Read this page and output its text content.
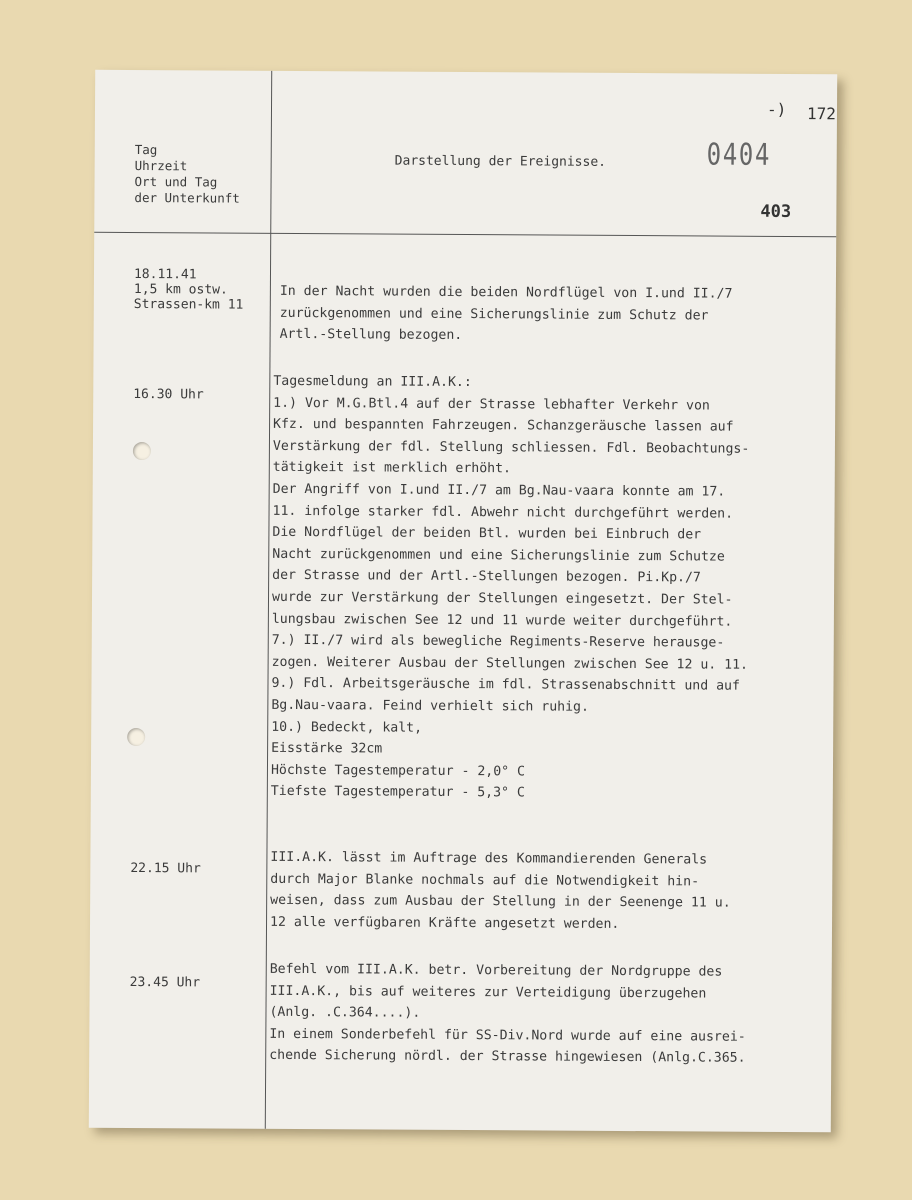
Tag
Uhrzeit
Ort und Tag
der Unterkunft

Darstellung der Ereignisse.	0404
-) 172
403

18.11.41
1,5 km ostw.
Strassen-km 11

In der Nacht wurden die beiden Nordflügel von I.und II./7
zurückgenommen und eine Sicherungslinie zum Schutz der
Artl.-Stellung bezogen.

16.30 Uhr

Tagesmeldung an III.A.K.:
1.) Vor M.G.Btl.4 auf der Strasse lebhafter Verkehr von
Kfz. und bespannten Fahrzeugen. Schanzgeräusche lassen auf
Verstärkung der fdl. Stellung schliessen. Fdl. Beobachtungs-
tätigkeit ist merklich erhöht.
Der Angriff von I.und II./7 am Bg.Nau-vaara konnte am 17.
11. infolge starker fdl. Abwehr nicht durchgeführt werden.
Die Nordflügel der beiden Btl. wurden bei Einbruch der
Nacht zurückgenommen und eine Sicherungslinie zum Schutze
der Strasse und der Artl.-Stellungen bezogen. Pi.Kp./7
wurde zur Verstärkung der Stellungen eingesetzt. Der Stel-
lungsbau zwischen See 12 und 11 wurde weiter durchgeführt.
7.) II./7 wird als bewegliche Regiments-Reserve herausge-
zogen. Weiterer Ausbau der Stellungen zwischen See 12 u. 11.
9.) Fdl. Arbeitsgeräusche im fdl. Strassenabschnitt und auf
Bg.Nau-vaara. Feind verhielt sich ruhig.
10.) Bedeckt, kalt,
Eisstärke 32cm
Höchste Tagestemperatur - 2,0° C
Tiefste Tagestemperatur - 5,3° C

22.15 Uhr

III.A.K. lässt im Auftrage des Kommandierenden Generals
durch Major Blanke nochmals auf die Notwendigkeit hin-
weisen, dass zum Ausbau der Stellung in der Seenenge 11 u.
12 alle verfügbaren Kräfte angesetzt werden.

23.45 Uhr

Befehl vom III.A.K. betr. Vorbereitung der Nordgruppe des
III.A.K., bis auf weiteres zur Verteidigung überzugehen
(Anlg. .C.364....).
In einem Sonderbefehl für SS-Div.Nord wurde auf eine ausrei-
chende Sicherung nördl. der Strasse hingewiesen (Anlg.C.365.
